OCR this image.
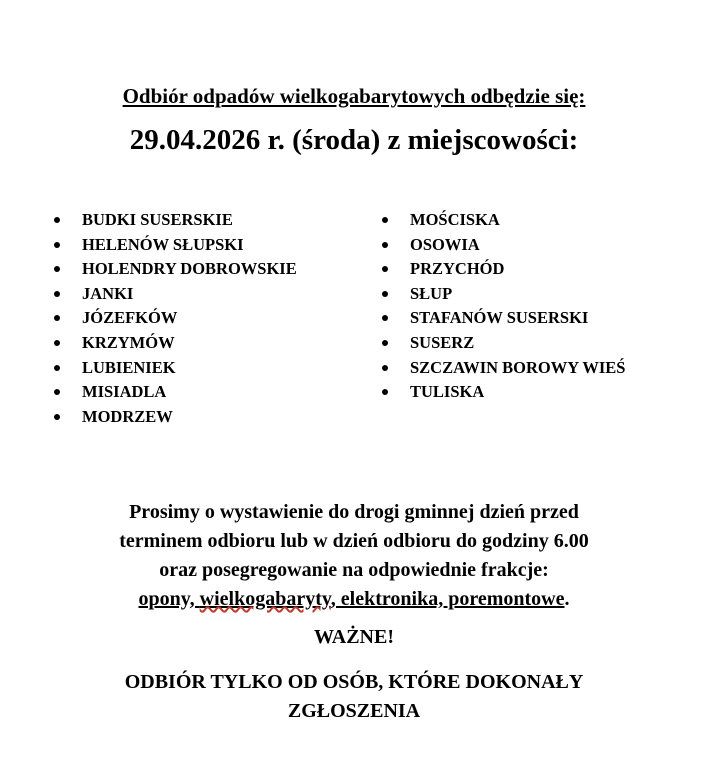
Odbiór odpadów wielkogabarytowych odbędzie się:
29.04.2026 r. (środa) z miejscowości:
BUDKI SUSERSKIE
HELENÓW SŁUPSKI
HOLENDRY DOBROWSKIE
JANKI
JÓZEFKÓW
KRZYMÓW
LUBIENIEK
MISIADLA
MODRZEW
MOŚCISKA
OSOWIA
PRZYCHÓD
SŁUP
STAFANÓW SUSERSKI
SUSERZ
SZCZAWIN BOROWY WIEŚ
TULISKA
Prosimy o wystawienie do drogi gminnej dzień przed
terminem odbioru lub w dzień odbioru do godziny 6.00
oraz posegregowanie na odpowiednie frakcje:
opony, wielkogabaryty, elektronika, poremontowe.
WAŻNE!
ODBIÓR TYLKO OD OSÓB, KTÓRE DOKONAŁY
ZGŁOSZENIA
